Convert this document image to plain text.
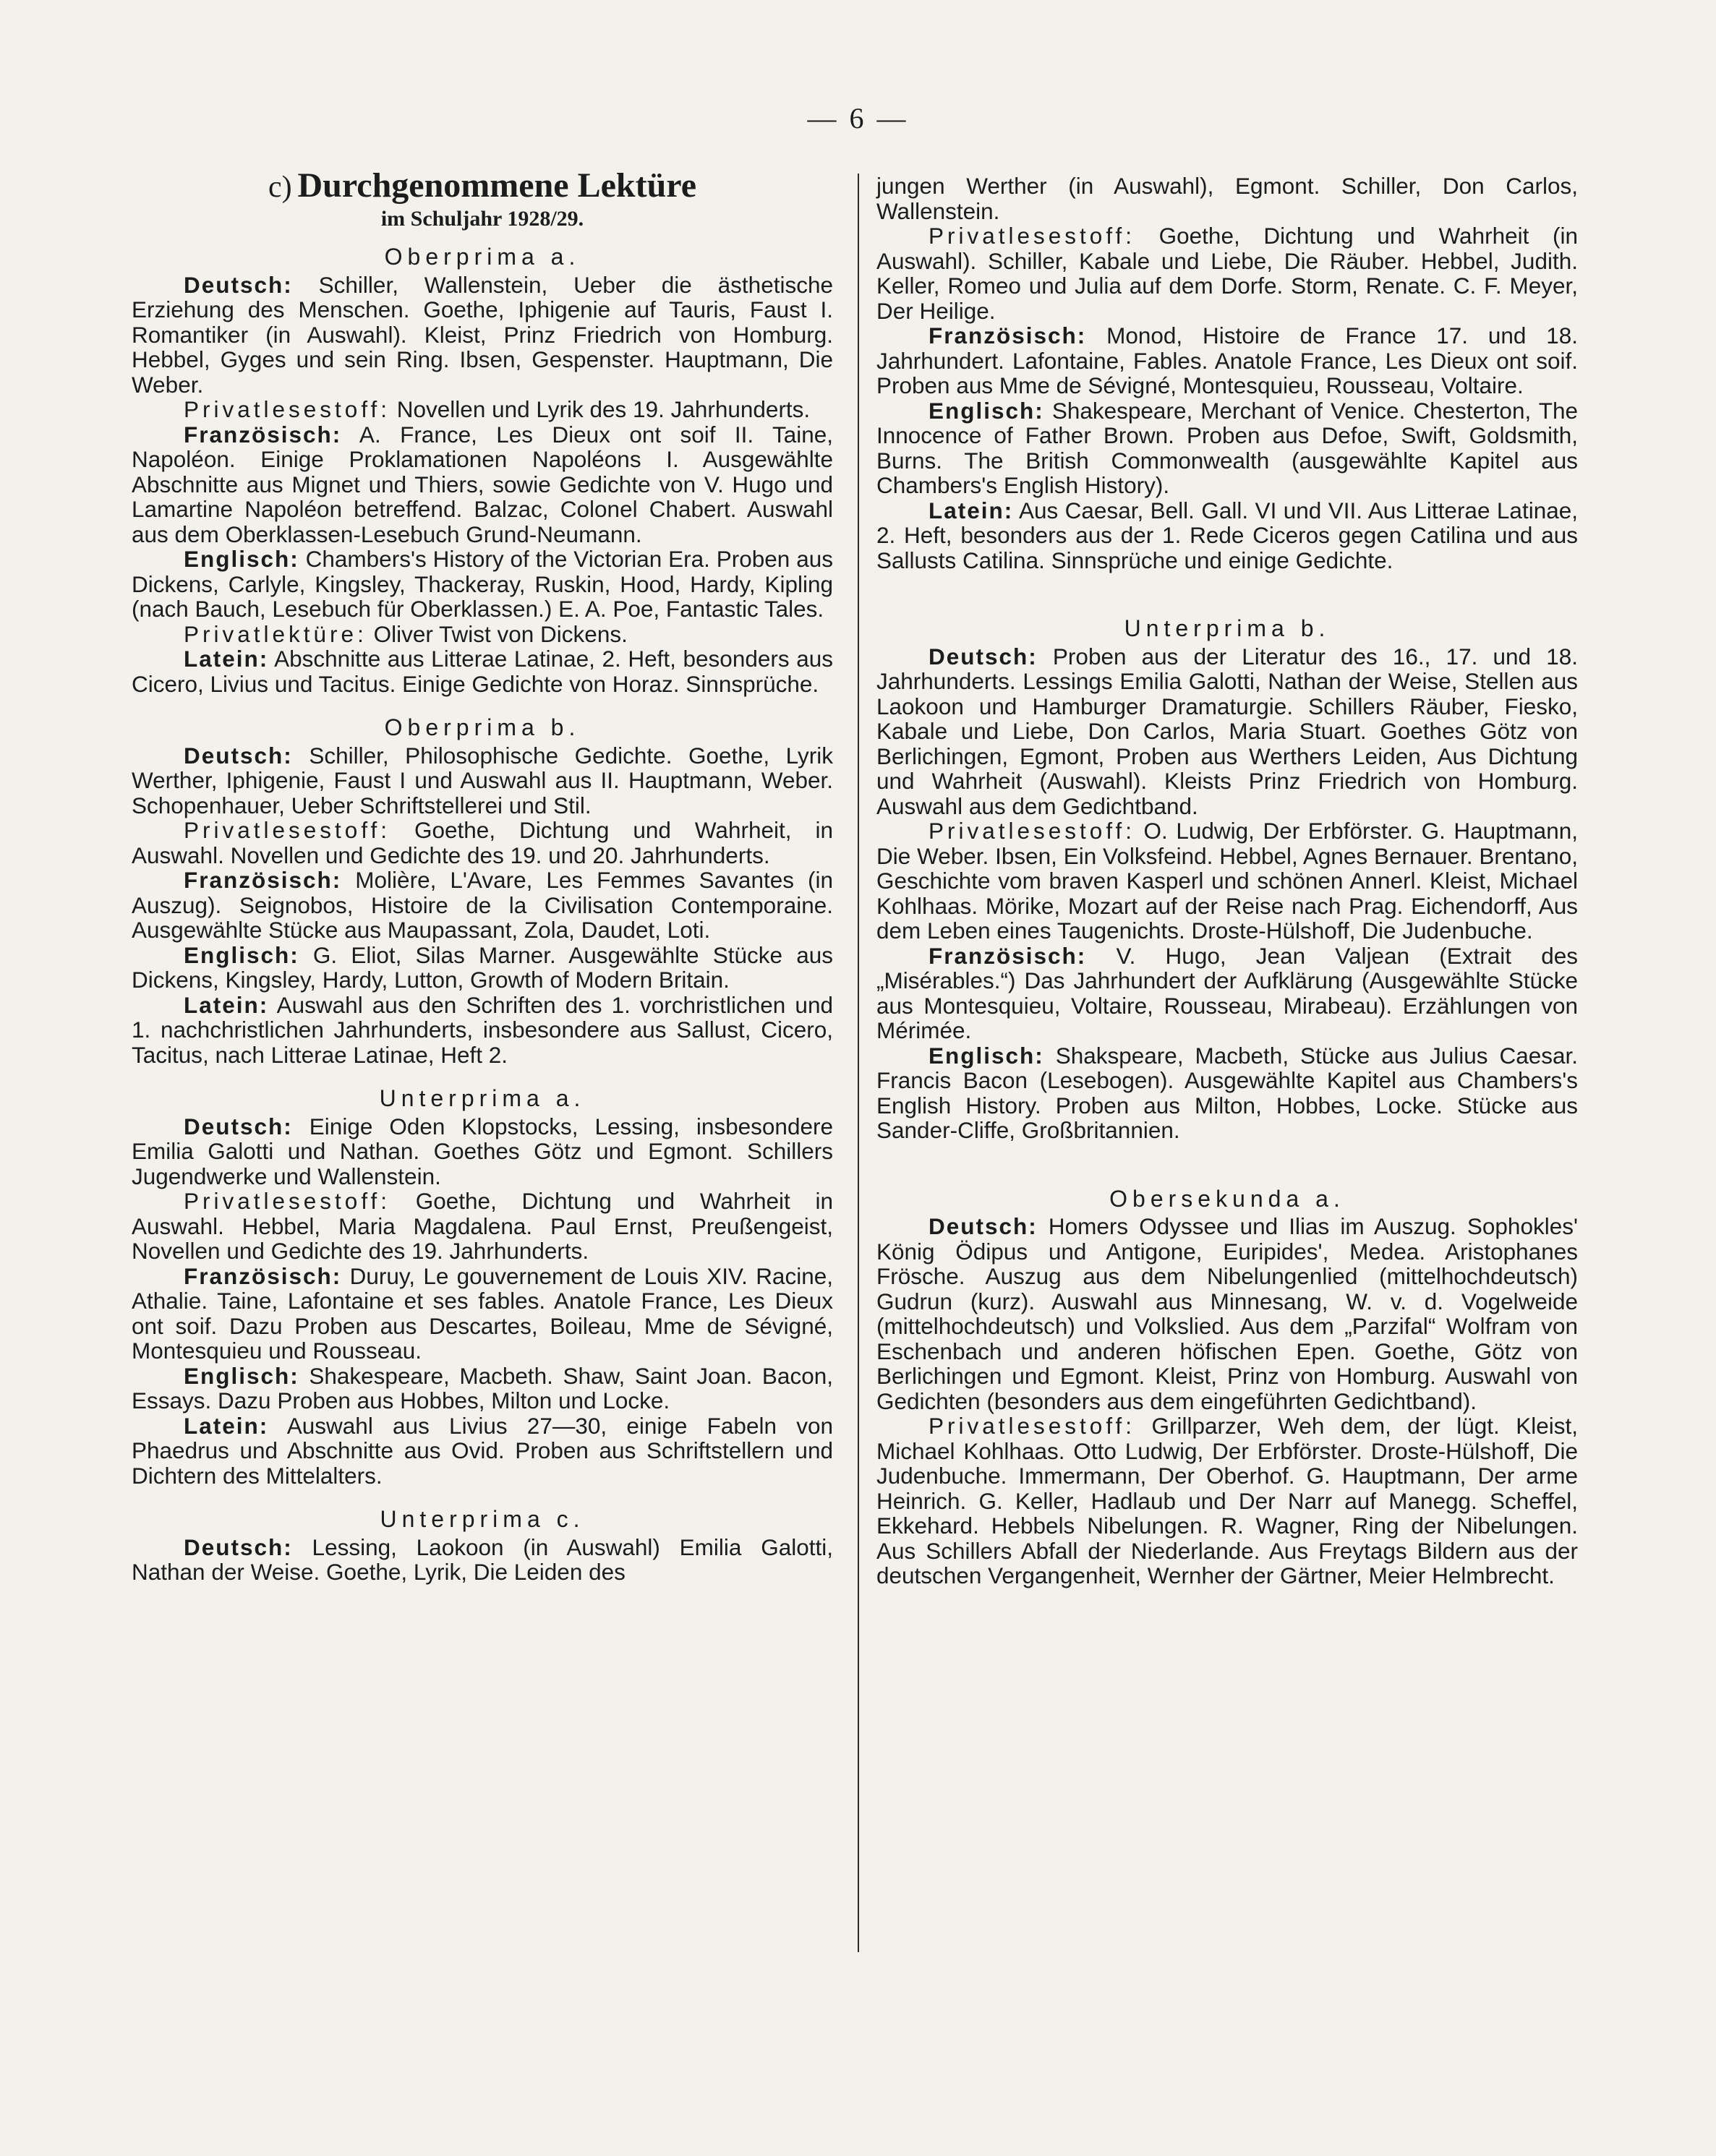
— 6 —
c) Durchgenommene Lektüre
im Schuljahr 1928/29.
Oberprima a.

Deutsch: Schiller, Wallenstein, Ueber die ästhetische Erziehung des Menschen. Goethe, Iphigenie auf Tauris, Faust I. Romantiker (in Auswahl). Kleist, Prinz Friedrich von Homburg. Hebbel, Gyges und sein Ring. Ibsen, Gespenster. Hauptmann, Die Weber.

Privatlesestoff: Novellen und Lyrik des 19. Jahrhunderts.

Französisch: A. France, Les Dieux ont soif II. Taine, Napoléon. Einige Proklamationen Napoléons I. Ausgewählte Abschnitte aus Mignet und Thiers, sowie Gedichte von V. Hugo und Lamartine Napoléon betreffend. Balzac, Colonel Chabert. Auswahl aus dem Oberklassen-Lesebuch Grund-Neumann.

Englisch: Chambers's History of the Victorian Era. Proben aus Dickens, Carlyle, Kingsley, Thackeray, Ruskin, Hood, Hardy, Kipling (nach Bauch, Lesebuch für Oberklassen.) E. A. Poe, Fantastic Tales.

Privatlektüre: Oliver Twist von Dickens.

Latein: Abschnitte aus Litterae Latinae, 2. Heft, besonders aus Cicero, Livius und Tacitus. Einige Gedichte von Horaz. Sinnsprüche.

Oberprima b.

Deutsch: Schiller, Philosophische Gedichte. Goethe, Lyrik Werther, Iphigenie, Faust I und Auswahl aus II. Hauptmann, Weber. Schopenhauer, Ueber Schriftstellerei und Stil.

Privatlesestoff: Goethe, Dichtung und Wahrheit, in Auswahl. Novellen und Gedichte des 19. und 20. Jahrhunderts.

Französisch: Molière, L'Avare, Les Femmes Savantes (in Auszug). Seignobos, Histoire de la Civilisation Contemporaine. Ausgewählte Stücke aus Maupassant, Zola, Daudet, Loti.

Englisch: G. Eliot, Silas Marner. Ausgewählte Stücke aus Dickens, Kingsley, Hardy, Lutton, Growth of Modern Britain.

Latein: Auswahl aus den Schriften des 1. vorchristlichen und 1. nachchristlichen Jahrhunderts, insbesondere aus Sallust, Cicero, Tacitus, nach Litterae Latinae, Heft 2.

Unterprima a.

Deutsch: Einige Oden Klopstocks, Lessing, insbesondere Emilia Galotti und Nathan. Goethes Götz und Egmont. Schillers Jugendwerke und Wallenstein.

Privatlesestoff: Goethe, Dichtung und Wahrheit in Auswahl. Hebbel, Maria Magdalena. Paul Ernst, Preußengeist, Novellen und Gedichte des 19. Jahrhunderts.

Französisch: Duruy, Le gouvernement de Louis XIV. Racine, Athalie. Taine, Lafontaine et ses fables. Anatole France, Les Dieux ont soif. Dazu Proben aus Descartes, Boileau, Mme de Sévigné, Montesquieu und Rousseau.

Englisch: Shakespeare, Macbeth. Shaw, Saint Joan. Bacon, Essays. Dazu Proben aus Hobbes, Milton und Locke.

Latein: Auswahl aus Livius 27—30, einige Fabeln von Phaedrus und Abschnitte aus Ovid. Proben aus Schriftstellern und Dichtern des Mittelalters.

Unterprima c.

Deutsch: Lessing, Laokoon (in Auswahl) Emilia Galotti, Nathan der Weise. Goethe, Lyrik, Die Leiden des

jungen Werther (in Auswahl), Egmont. Schiller, Don Carlos, Wallenstein.

Privatlesestoff: Goethe, Dichtung und Wahrheit (in Auswahl). Schiller, Kabale und Liebe, Die Räuber. Hebbel, Judith. Keller, Romeo und Julia auf dem Dorfe. Storm, Renate. C. F. Meyer, Der Heilige.

Französisch: Monod, Histoire de France 17. und 18. Jahrhundert. Lafontaine, Fables. Anatole France, Les Dieux ont soif. Proben aus Mme de Sévigné, Montesquieu, Rousseau, Voltaire.

Englisch: Shakespeare, Merchant of Venice. Chesterton, The Innocence of Father Brown. Proben aus Defoe, Swift, Goldsmith, Burns. The British Commonwealth (ausgewählte Kapitel aus Chambers's English History).

Latein: Aus Caesar, Bell. Gall. VI und VII. Aus Litterae Latinae, 2. Heft, besonders aus der 1. Rede Ciceros gegen Catilina und aus Sallusts Catilina. Sinnsprüche und einige Gedichte.

Unterprima b.

Deutsch: Proben aus der Literatur des 16., 17. und 18. Jahrhunderts. Lessings Emilia Galotti, Nathan der Weise, Stellen aus Laokoon und Hamburger Dramaturgie. Schillers Räuber, Fiesko, Kabale und Liebe, Don Carlos, Maria Stuart. Goethes Götz von Berlichingen, Egmont, Proben aus Werthers Leiden, Aus Dichtung und Wahrheit (Auswahl). Kleists Prinz Friedrich von Homburg. Auswahl aus dem Gedichtband.

Privatlesestoff: O. Ludwig, Der Erbförster. G. Hauptmann, Die Weber. Ibsen, Ein Volksfeind. Hebbel, Agnes Bernauer. Brentano, Geschichte vom braven Kasperl und schönen Annerl. Kleist, Michael Kohlhaas. Mörike, Mozart auf der Reise nach Prag. Eichendorff, Aus dem Leben eines Taugenichts. Droste-Hülshoff, Die Judenbuche.

Französisch: V. Hugo, Jean Valjean (Extrait des „Misérables.“) Das Jahrhundert der Aufklärung (Ausgewählte Stücke aus Montesquieu, Voltaire, Rousseau, Mirabeau). Erzählungen von Mérimée.

Englisch: Shakspeare, Macbeth, Stücke aus Julius Caesar. Francis Bacon (Lesebogen). Ausgewählte Kapitel aus Chambers's English History. Proben aus Milton, Hobbes, Locke. Stücke aus Sander-Cliffe, Großbritannien.

Obersekunda a.

Deutsch: Homers Odyssee und Ilias im Auszug. Sophokles' König Ödipus und Antigone, Euripides', Medea. Aristophanes Frösche. Auszug aus dem Nibelungenlied (mittelhochdeutsch) Gudrun (kurz). Auswahl aus Minnesang, W. v. d. Vogelweide (mittelhochdeutsch) und Volkslied. Aus dem „Parzifal“ Wolfram von Eschenbach und anderen höfischen Epen. Goethe, Götz von Berlichingen und Egmont. Kleist, Prinz von Homburg. Auswahl von Gedichten (besonders aus dem eingeführten Gedichtband).

Privatlesestoff: Grillparzer, Weh dem, der lügt. Kleist, Michael Kohlhaas. Otto Ludwig, Der Erbförster. Droste-Hülshoff, Die Judenbuche. Immermann, Der Oberhof. G. Hauptmann, Der arme Heinrich. G. Keller, Hadlaub und Der Narr auf Manegg. Scheffel, Ekkehard. Hebbels Nibelungen. R. Wagner, Ring der Nibelungen. Aus Schillers Abfall der Niederlande. Aus Freytags Bildern aus der deutschen Vergangenheit, Wernher der Gärtner, Meier Helmbrecht.
